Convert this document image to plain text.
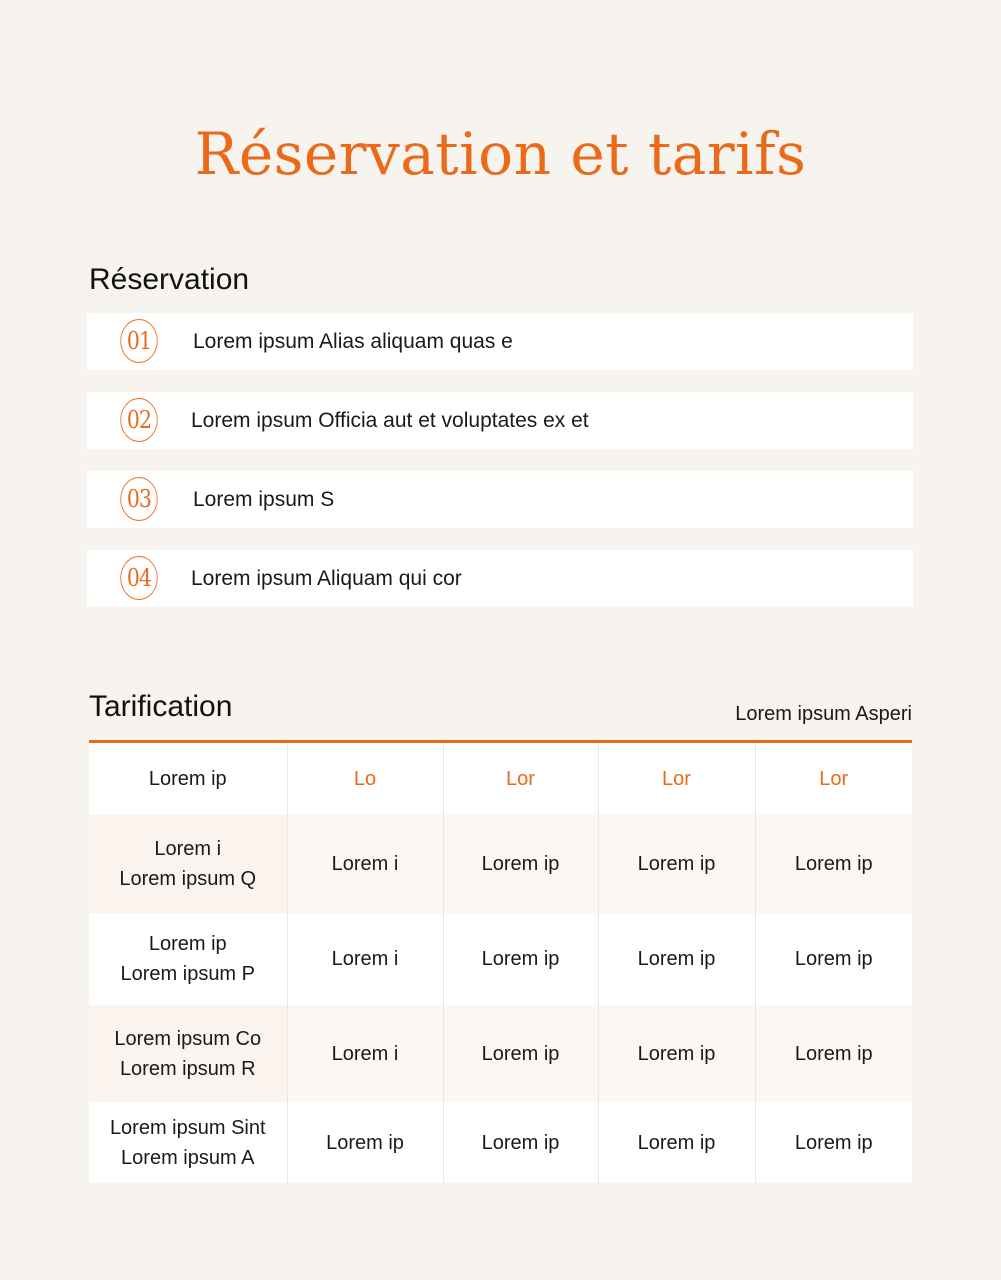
Réservation et tarifs
Réservation
01	Lorem ipsum Alias aliquam quas e
02	Lorem ipsum Officia aut et voluptates ex et
03	Lorem ipsum S
04	Lorem ipsum Aliquam qui cor
Tarification	Lorem ipsum Asperi
Lorem ip	Lo	Lor	Lor	Lor

Lorem i
Lorem ipsum Q	Lorem i	Lorem ip	Lorem ip	Lorem ip

Lorem ip
Lorem ipsum P	Lorem i	Lorem ip	Lorem ip	Lorem ip

Lorem ipsum Co
Lorem ipsum R	Lorem i	Lorem ip	Lorem ip	Lorem ip

Lorem ipsum Sint
Lorem ipsum A	Lorem ip	Lorem ip	Lorem ip	Lorem ip
